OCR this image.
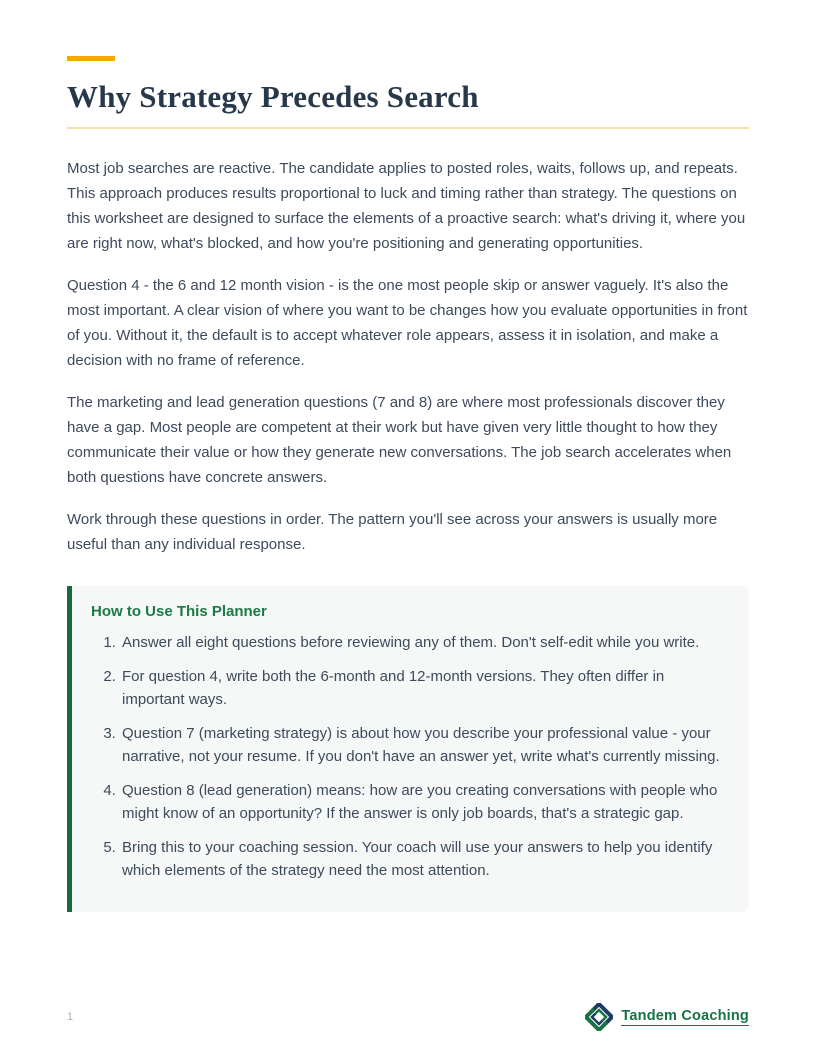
Why Strategy Precedes Search

Most job searches are reactive. The candidate applies to posted roles, waits, follows up, and repeats. This approach produces results proportional to luck and timing rather than strategy. The questions on this worksheet are designed to surface the elements of a proactive search: what's driving it, where you are right now, what's blocked, and how you're positioning and generating opportunities.

Question 4 - the 6 and 12 month vision - is the one most people skip or answer vaguely. It's also the most important. A clear vision of where you want to be changes how you evaluate opportunities in front of you. Without it, the default is to accept whatever role appears, assess it in isolation, and make a decision with no frame of reference.

The marketing and lead generation questions (7 and 8) are where most professionals discover they have a gap. Most people are competent at their work but have given very little thought to how they communicate their value or how they generate new conversations. The job search accelerates when both questions have concrete answers.

Work through these questions in order. The pattern you'll see across your answers is usually more useful than any individual response.

How to Use This Planner
1. Answer all eight questions before reviewing any of them. Don't self-edit while you write.
2. For question 4, write both the 6-month and 12-month versions. They often differ in important ways.
3. Question 7 (marketing strategy) is about how you describe your professional value - your narrative, not your resume. If you don't have an answer yet, write what's currently missing.
4. Question 8 (lead generation) means: how are you creating conversations with people who might know of an opportunity? If the answer is only job boards, that's a strategic gap.
5. Bring this to your coaching session. Your coach will use your answers to help you identify which elements of the strategy need the most attention.
1	Tandem Coaching
